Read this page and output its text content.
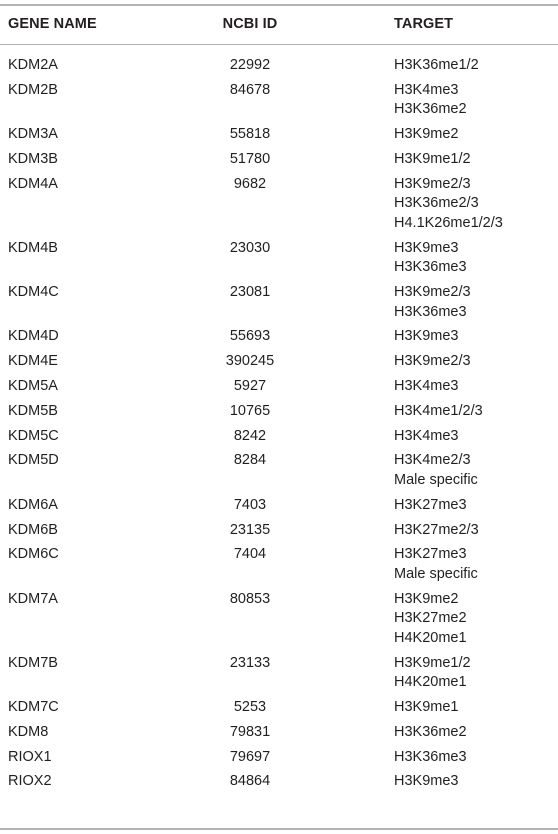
GENE NAME	NCBI ID	TARGET
KDM2A	22992	H3K36me1/2
KDM2B	84678	H3K4me3
H3K36me2
KDM3A	55818	H3K9me2
KDM3B	51780	H3K9me1/2
KDM4A	9682	H3K9me2/3
H3K36me2/3
H4.1K26me1/2/3
KDM4B	23030	H3K9me3
H3K36me3
KDM4C	23081	H3K9me2/3
H3K36me3
KDM4D	55693	H3K9me3
KDM4E	390245	H3K9me2/3
KDM5A	5927	H3K4me3
KDM5B	10765	H3K4me1/2/3
KDM5C	8242	H3K4me3
KDM5D	8284	H3K4me2/3
Male specific
KDM6A	7403	H3K27me3
KDM6B	23135	H3K27me2/3
KDM6C	7404	H3K27me3
Male specific
KDM7A	80853	H3K9me2
H3K27me2
H4K20me1
KDM7B	23133	H3K9me1/2
H4K20me1
KDM7C	5253	H3K9me1
KDM8	79831	H3K36me2
RIOX1	79697	H3K36me3
RIOX2	84864	H3K9me3
